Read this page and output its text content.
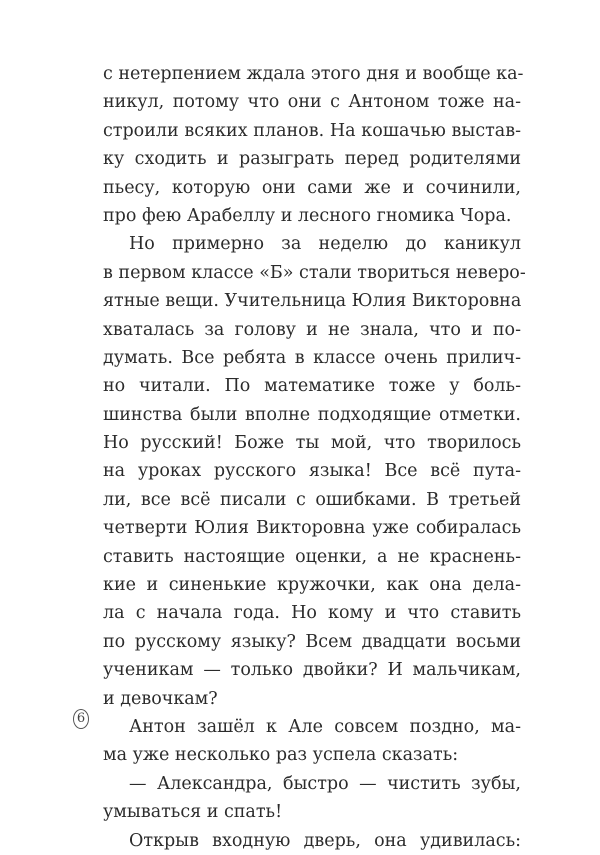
с нетерпением ждала этого дня и вообще ка-
никул, потому что они с Антоном тоже на-
строили всяких планов. На кошачью выстав-
ку сходить и разыграть перед родителями
пьесу, которую они сами же и сочинили,
про фею Арабеллу и лесного гномика Чора.
Но примерно за неделю до каникул
в первом классе «Б» стали твориться неверо-
ятные вещи. Учительница Юлия Викторовна
хваталась за голову и не знала, что и по-
думать. Все ребята в классе очень прилич-
но читали. По математике тоже у боль-
шинства были вполне подходящие отметки.
Но русский! Боже ты мой, что творилось
на уроках русского языка! Все всё пута-
ли, все всё писали с ошибками. В третьей
четверти Юлия Викторовна уже собиралась
ставить настоящие оценки, а не краснень-
кие и синенькие кружочки, как она дела-
ла с начала года. Но кому и что ставить
по русскому языку? Всем двадцати восьми
ученикам — только двойки? И мальчикам,
и девочкам?
Антон зашёл к Але совсем поздно, ма-
ма уже несколько раз успела сказать:
— Александра, быстро — чистить зубы,
умываться и спать!
Открыв входную дверь, она удивилась:
6
